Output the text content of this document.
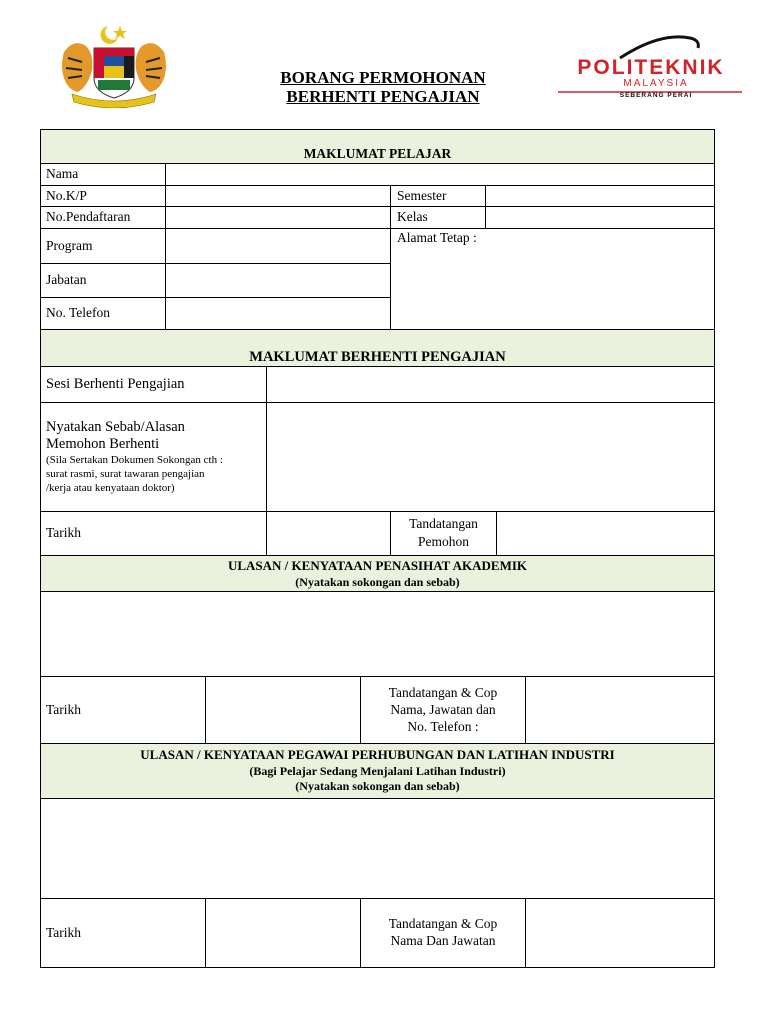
BORANG PERMOHONAN
BERHENTI PENGAJIAN
POLITEKNIK
MALAYSIA
SEBERANG PERAI
MAKLUMAT PELAJAR
Nama
No.K/P
No.Pendaftaran
Program
Jabatan
No. Telefon
Semester
Kelas
Alamat Tetap :
MAKLUMAT BERHENTI PENGAJIAN
Sesi Berhenti Pengajian
Nyatakan Sebab/Alasan
Memohon Berhenti
(Sila Sertakan Dokumen Sokongan cth :
surat rasmi, surat tawaran pengajian
/kerja atau kenyataan doktor)
Tarikh
Tandatangan
Pemohon
ULASAN / KENYATAAN PENASIHAT AKADEMIK
(Nyatakan sokongan dan sebab)
Tarikh
Tandatangan & Cop
Nama, Jawatan dan
No. Telefon :
ULASAN / KENYATAAN PEGAWAI PERHUBUNGAN DAN LATIHAN INDUSTRI
(Bagi Pelajar Sedang Menjalani Latihan Industri)
(Nyatakan sokongan dan sebab)
Tarikh
Tandatangan & Cop
Nama Dan Jawatan
